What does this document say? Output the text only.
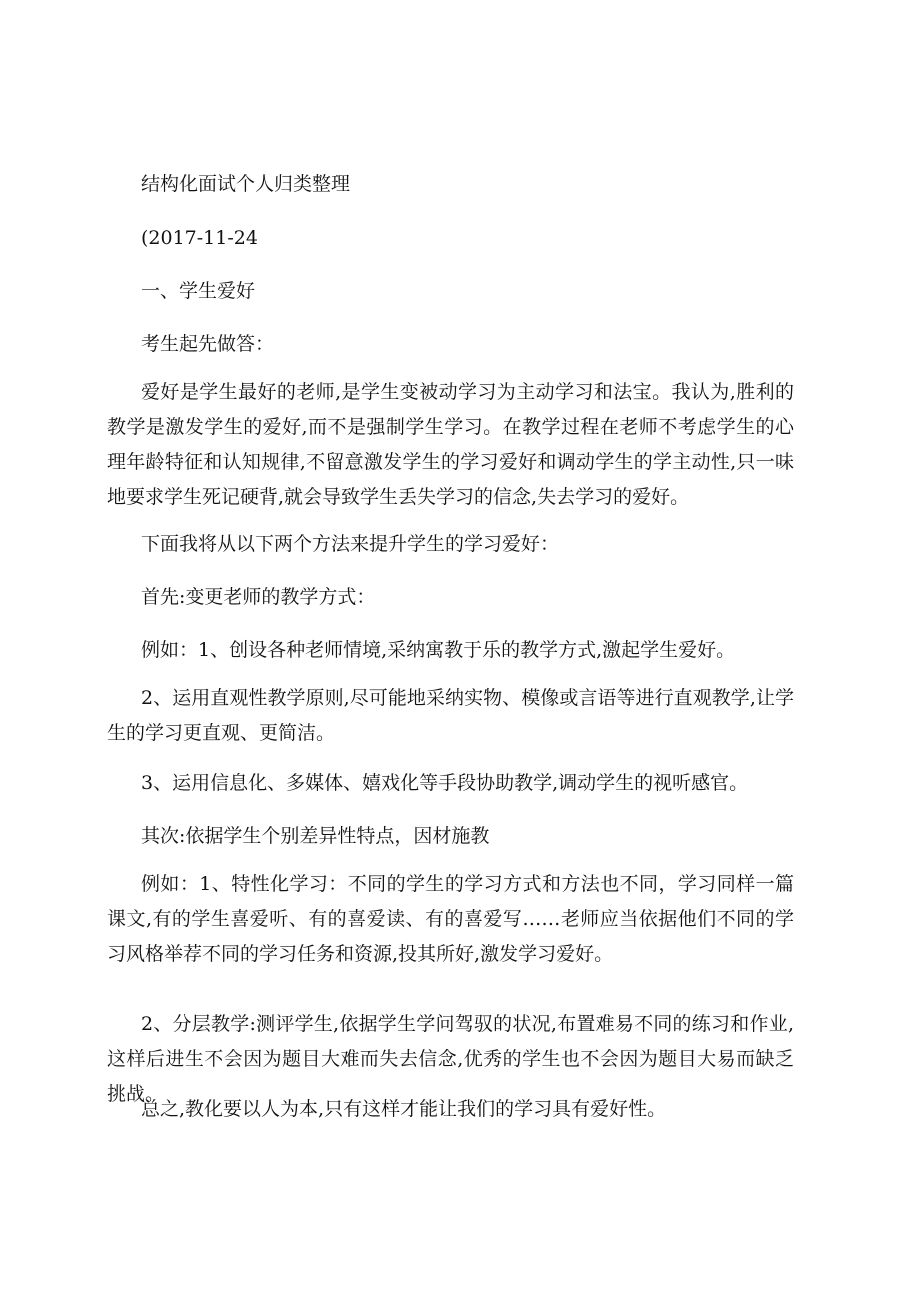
结构化面试个人归类整理

(2017-11-24

一、学生爱好

考生起先做答：

爱好是学生最好的老师,是学生变被动学习为主动学习和法宝。我认为,胜利的教学是激发学生的爱好,而不是强制学生学习。在教学过程在老师不考虑学生的心理年龄特征和认知规律,不留意激发学生的学习爱好和调动学生的学主动性,只一味地要求学生死记硬背,就会导致学生丢失学习的信念,失去学习的爱好。

下面我将从以下两个方法来提升学生的学习爱好：

首先:变更老师的教学方式：

例如：1、创设各种老师情境,采纳寓教于乐的教学方式,激起学生爱好。

2、运用直观性教学原则,尽可能地采纳实物、模像或言语等进行直观教学,让学生的学习更直观、更简洁。

3、运用信息化、多媒体、嬉戏化等手段协助教学,调动学生的视听感官。

其次:依据学生个别差异性特点，因材施教

例如：1、特性化学习：不同的学生的学习方式和方法也不同，学习同样一篇课文,有的学生喜爱听、有的喜爱读、有的喜爱写……老师应当依据他们不同的学习风格举荐不同的学习任务和资源,投其所好,激发学习爱好。

2、分层教学:测评学生,依据学生学问驾驭的状况,布置难易不同的练习和作业,这样后进生不会因为题目大难而失去信念,优秀的学生也不会因为题目大易而缺乏挑战。

总之,教化要以人为本,只有这样才能让我们的学习具有爱好性。
